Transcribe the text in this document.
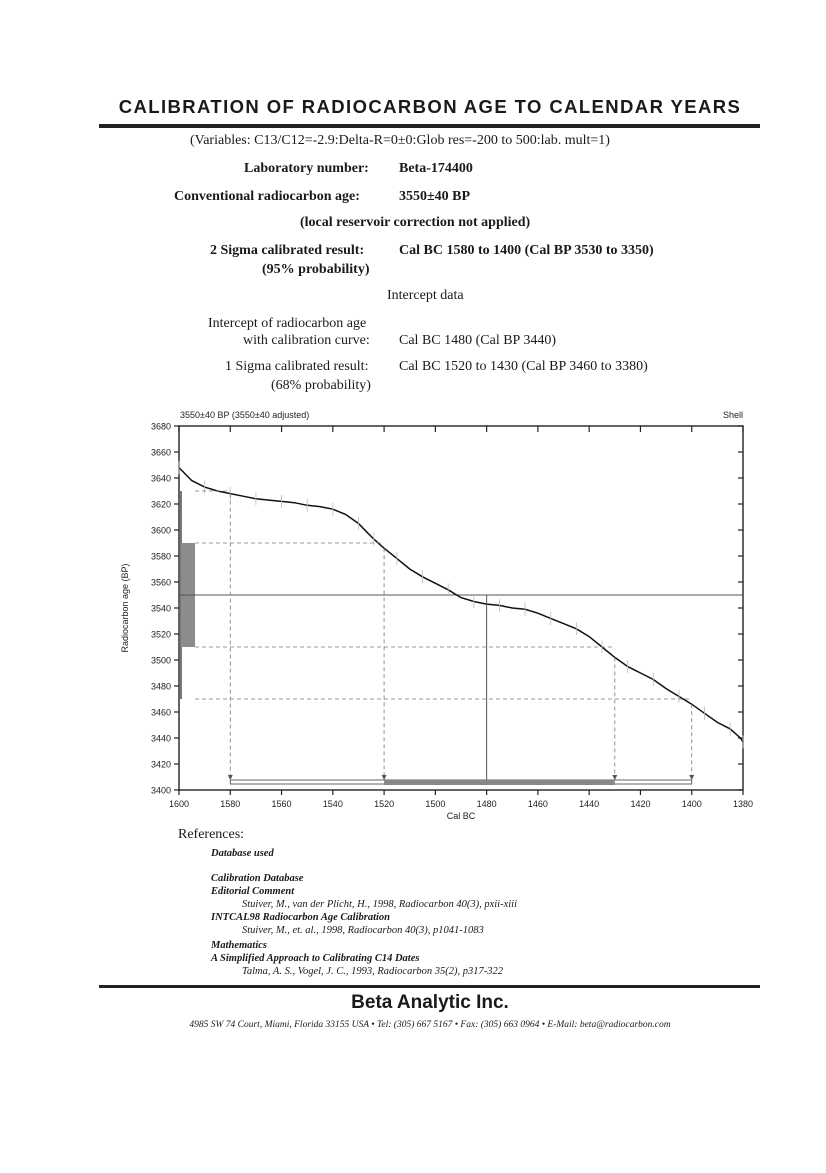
CALIBRATION OF RADIOCARBON AGE TO CALENDAR YEARS
(Variables: C13/C12=-2.9:Delta-R=0±0:Glob res=-200 to 500:lab. mult=1)
Laboratory number: Beta-174400
Conventional radiocarbon age:	3550±40 BP
(local reservoir correction not applied)
2 Sigma calibrated result:
(95% probability)
Cal BC 1580 to 1400 (Cal BP 3530 to 3350)
Intercept data
Intercept of radiocarbon age
with calibration curve: Cal BC 1480 (Cal BP 3440)
1 Sigma calibrated result:
(68% probability)
Cal BC 1520 to 1430 (Cal BP 3460 to 3380)
3400
3420
3440
3460
3480
3500
3520
3540
3560
3580
3600
3620
3640
3660
3680
1600	1580	1560	1540	1520	1500	1480	1460	1440	1420	1400	1380
3550±40 BP (3550±40 adjusted)	Shell
Cal BC
Radiocarbon age (BP)
References:
Database used
Calibration Database
Editorial Comment
Stuiver, M., van der Plicht, H., 1998, Radiocarbon 40(3), pxii-xiii
INTCAL98 Radiocarbon Age Calibration
Stuiver, M., et. al., 1998, Radiocarbon 40(3), p1041-1083
Mathematics
A Simplified Approach to Calibrating C14 Dates
Talma, A. S., Vogel, J. C., 1993, Radiocarbon 35(2), p317-322
Beta Analytic Inc.
4985 SW 74 Court, Miami, Florida 33155 USA • Tel: (305) 667 5167 • Fax: (305) 663 0964 • E-Mail: beta@radiocarbon.com
